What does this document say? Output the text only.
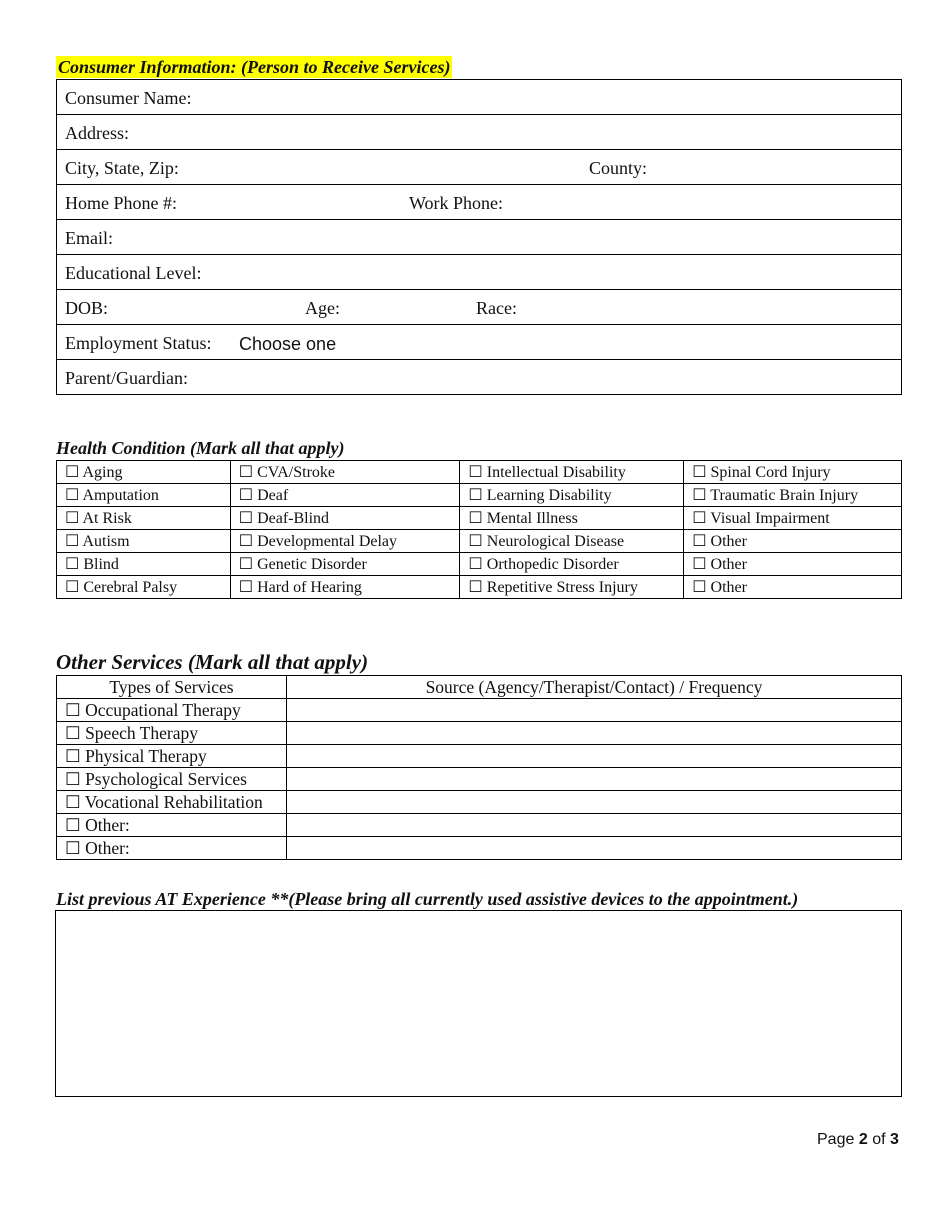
Consumer Information: (Person to Receive Services)
Consumer Name:
Address:
City, State, Zip:	County:
Home Phone #:	Work Phone:
Email:
Educational Level:
DOB:	Age:	Race:
Employment Status: Choose one
Parent/Guardian:
Health Condition (Mark all that apply)
☐ Aging	☐ CVA/Stroke	☐ Intellectual Disability	☐ Spinal Cord Injury
☐ Amputation	☐ Deaf	☐ Learning Disability	☐ Traumatic Brain Injury
☐ At Risk	☐ Deaf-Blind	☐ Mental Illness	☐ Visual Impairment
☐ Autism	☐ Developmental Delay	☐ Neurological Disease	☐ Other
☐ Blind	☐ Genetic Disorder	☐ Orthopedic Disorder	☐ Other
☐ Cerebral Palsy	☐ Hard of Hearing	☐ Repetitive Stress Injury	☐ Other
Other Services (Mark all that apply)
Types of Services	Source (Agency/Therapist/Contact) / Frequency
☐ Occupational Therapy	
☐ Speech Therapy	
☐ Physical Therapy	
☐ Psychological Services	
☐ Vocational Rehabilitation	
☐ Other:	
☐ Other:	
List previous AT Experience **(Please bring all currently used assistive devices to the appointment.)
Page 2 of 3
